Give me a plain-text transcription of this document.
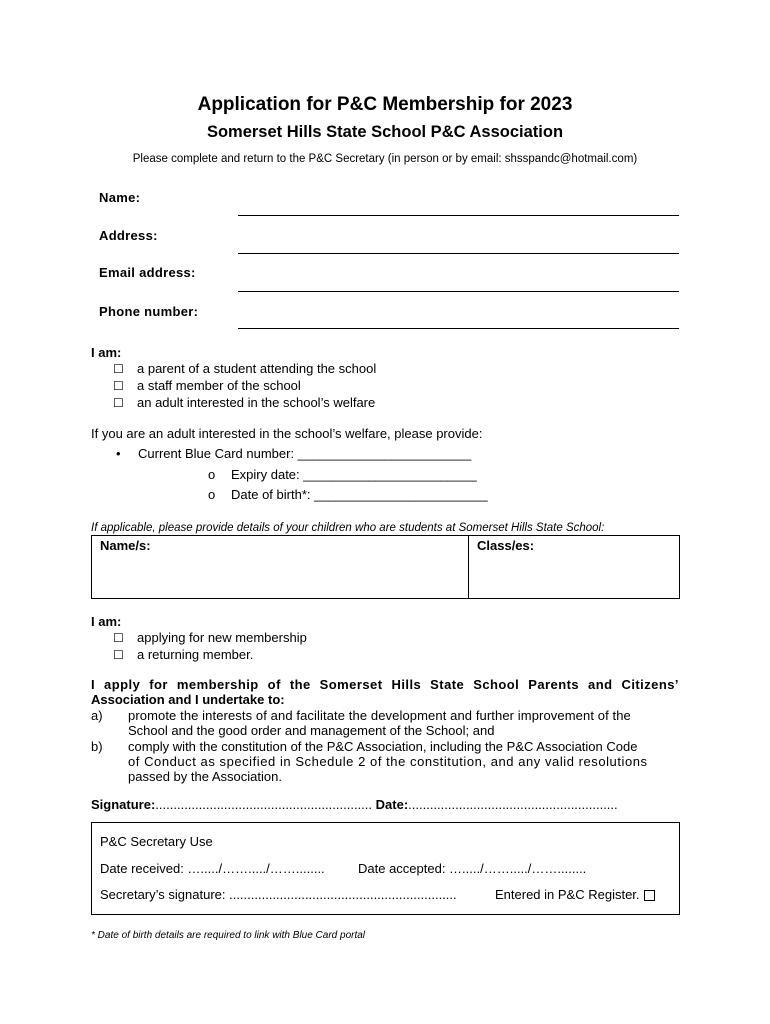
Application for P&C Membership for 2023
Somerset Hills State School P&C Association
Please complete and return to the P&C Secretary (in person or by email: shsspandc@hotmail.com)
Name:
Address:
Email address:
Phone number:
I am:
☐ a parent of a student attending the school
☐ a staff member of the school
☐ an adult interested in the school’s welfare
If you are an adult interested in the school’s welfare, please provide:
• Current Blue Card number: ________________________
o Expiry date: ________________________
o Date of birth*: ________________________
If applicable, please provide details of your children who are students at Somerset Hills State School:
Name/s:	Class/es:
I am:
☐ applying for new membership
☐ a returning member.
I apply for membership of the Somerset Hills State School Parents and Citizens’
Association and I undertake to:
a) promote the interests of and facilitate the development and further improvement of the
School and the good order and management of the School; and
b) comply with the constitution of the P&C Association, including the P&C Association Code
of Conduct as specified in Schedule 2 of the constitution, and any valid resolutions
passed by the Association.
Signature:............................................................ Date:..........................................................
P&C Secretary Use
Date received: …...../……...../……........	Date accepted: …...../……...../……........
Secretary’s signature: ...............................................................	Entered in P&C Register.
* Date of birth details are required to link with Blue Card portal
